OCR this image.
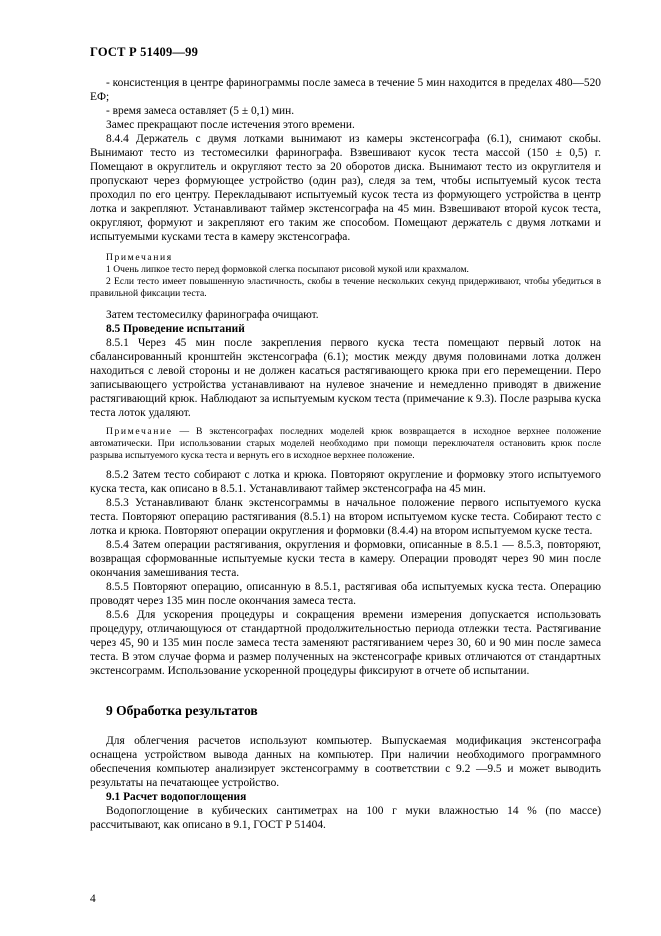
ГОСТ Р 51409—99

- консистенция в центре фаринограммы после замеса в течение 5 мин находится в пределах 480—520 ЕФ;

- время замеса оставляет (5 ± 0,1) мин.

Замес прекращают после истечения этого времени.

8.4.4 Держатель с двумя лотками вынимают из камеры экстенсографа (6.1), снимают скобы. Вынимают тесто из тестомесилки фаринографа. Взвешивают кусок теста массой (150 ± 0,5) г. Помещают в округлитель и округляют тесто за 20 оборотов диска. Вынимают тесто из округлителя и пропускают через формующее устройство (один раз), следя за тем, чтобы испытуемый кусок теста проходил по его центру. Перекладывают испытуемый кусок теста из формующего устройства в центр лотка и закрепляют. Устанавливают таймер экстенсографа на 45 мин. Взвешивают второй кусок теста, округляют, формуют и закрепляют его таким же способом. Помещают держатель с двумя лотками и испытуемыми кусками теста в камеру экстенсографа.

Примечания

1 Очень липкое тесто перед формовкой слегка посыпают рисовой мукой или крахмалом.

2 Если тесто имеет повышенную эластичность, скобы в течение нескольких секунд придерживают, чтобы убедиться в правильной фиксации теста.

Затем тестомесилку фаринографа очищают.

8.5 Проведение испытаний

8.5.1 Через 45 мин после закрепления первого куска теста помещают первый лоток на сбалансированный кронштейн экстенсографа (6.1); мостик между двумя половинами лотка должен находиться с левой стороны и не должен касаться растягивающего крюка при его перемещении. Перо записывающего устройства устанавливают на нулевое значение и немедленно приводят в движение растягивающий крюк. Наблюдают за испытуемым куском теста (примечание к 9.3). После разрыва куска теста лоток удаляют.

Примечание — В экстенсографах последних моделей крюк возвращается в исходное верхнее положение автоматически. При использовании старых моделей необходимо при помощи переключателя остановить крюк после разрыва испытуемого куска теста и вернуть его в исходное верхнее положение.

8.5.2 Затем тесто собирают с лотка и крюка. Повторяют округление и формовку этого испытуемого куска теста, как описано в 8.5.1. Устанавливают таймер экстенсографа на 45 мин.

8.5.3 Устанавливают бланк экстенсограммы в начальное положение первого испытуемого куска теста. Повторяют операцию растягивания (8.5.1) на втором испытуемом куске теста. Собирают тесто с лотка и крюка. Повторяют операции округления и формовки (8.4.4) на втором испытуемом куске теста.

8.5.4 Затем операции растягивания, округления и формовки, описанные в 8.5.1 — 8.5.3, повторяют, возвращая сформованные испытуемые куски теста в камеру. Операции проводят через 90 мин после окончания замешивания теста.

8.5.5 Повторяют операцию, описанную в 8.5.1, растягивая оба испытуемых куска теста. Операцию проводят через 135 мин после окончания замеса теста.

8.5.6 Для ускорения процедуры и сокращения времени измерения допускается использовать процедуру, отличающуюся от стандартной продолжительностью периода отлежки теста. Растягивание через 45, 90 и 135 мин после замеса теста заменяют растягиванием через 30, 60 и 90 мин после замеса теста. В этом случае форма и размер полученных на экстенсографе кривых отличаются от стандартных экстенсограмм. Использование ускоренной процедуры фиксируют в отчете об испытании.

9 Обработка результатов

Для облегчения расчетов используют компьютер. Выпускаемая модификация экстенсографа оснащена устройством вывода данных на компьютер. При наличии необходимого программного обеспечения компьютер анализирует экстенсограмму в соответствии с 9.2 —9.5 и может выводить результаты на печатающее устройство.

9.1 Расчет водопоглощения

Водопоглощение в кубических сантиметрах на 100 г муки влажностью 14 % (по массе) рассчитывают, как описано в 9.1, ГОСТ Р 51404.

4
